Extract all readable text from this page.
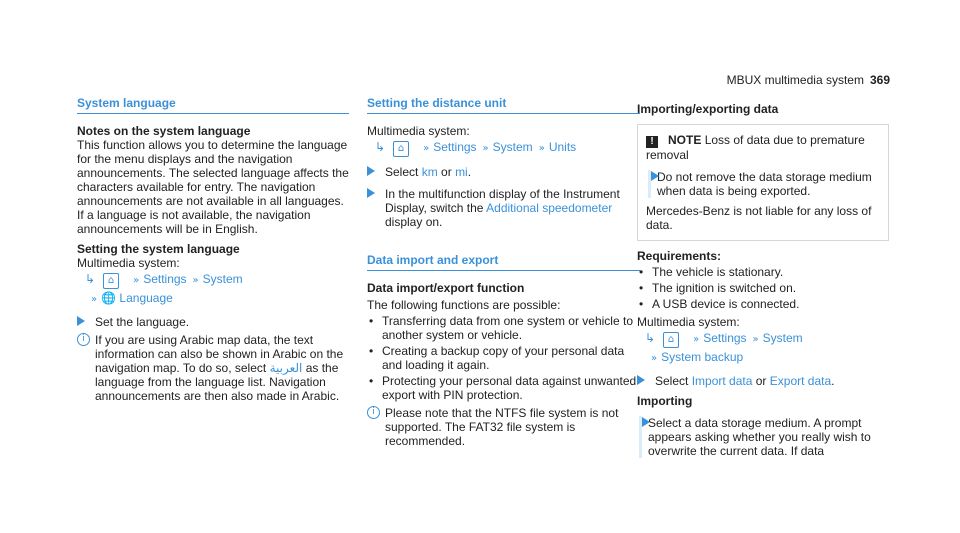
MBUX multimedia system 369
System language

Notes on the system language

This function allows you to determine the language for the menu displays and the navigation announcements. The selected language affects the characters available for entry. The navigation announcements are not available in all languages. If a language is not available, the navigation announcements will be in English.

Setting the system language

Multimedia system:

↳ ⌂ » Settings » System
» 🌐 Language
Set the language.
i If you are using Arabic map data, the text information can also be shown in Arabic on the navigation map. To do so, select العربية as the language from the language list. Navigation announcements are then also made in Arabic.
Setting the distance unit

Multimedia system:

↳ ⌂ » Settings » System » Units
Select km or mi.
In the multifunction display of the Instrument Display, switch the Additional speedometer display on.
Data import and export

Data import/export function

The following functions are possible:

• Transferring data from one system or vehicle to another system or vehicle.
• Creating a backup copy of your personal data and loading it again.
• Protecting your personal data against unwanted export with PIN protection.
i Please note that the NTFS file system is not supported. The FAT32 file system is recommended.

Importing/exporting data

! NOTE Loss of data due to premature removal

Do not remove the data storage medium when data is being exported.

Mercedes-Benz is not liable for any loss of data.

Requirements:

• The vehicle is stationary.
• The ignition is switched on.
• A USB device is connected.

Multimedia system:

↳ ⌂ » Settings » System
» System backup
Select Import data or Export data.

Importing

Select a data storage medium. A prompt appears asking whether you really wish to overwrite the current data. If data
